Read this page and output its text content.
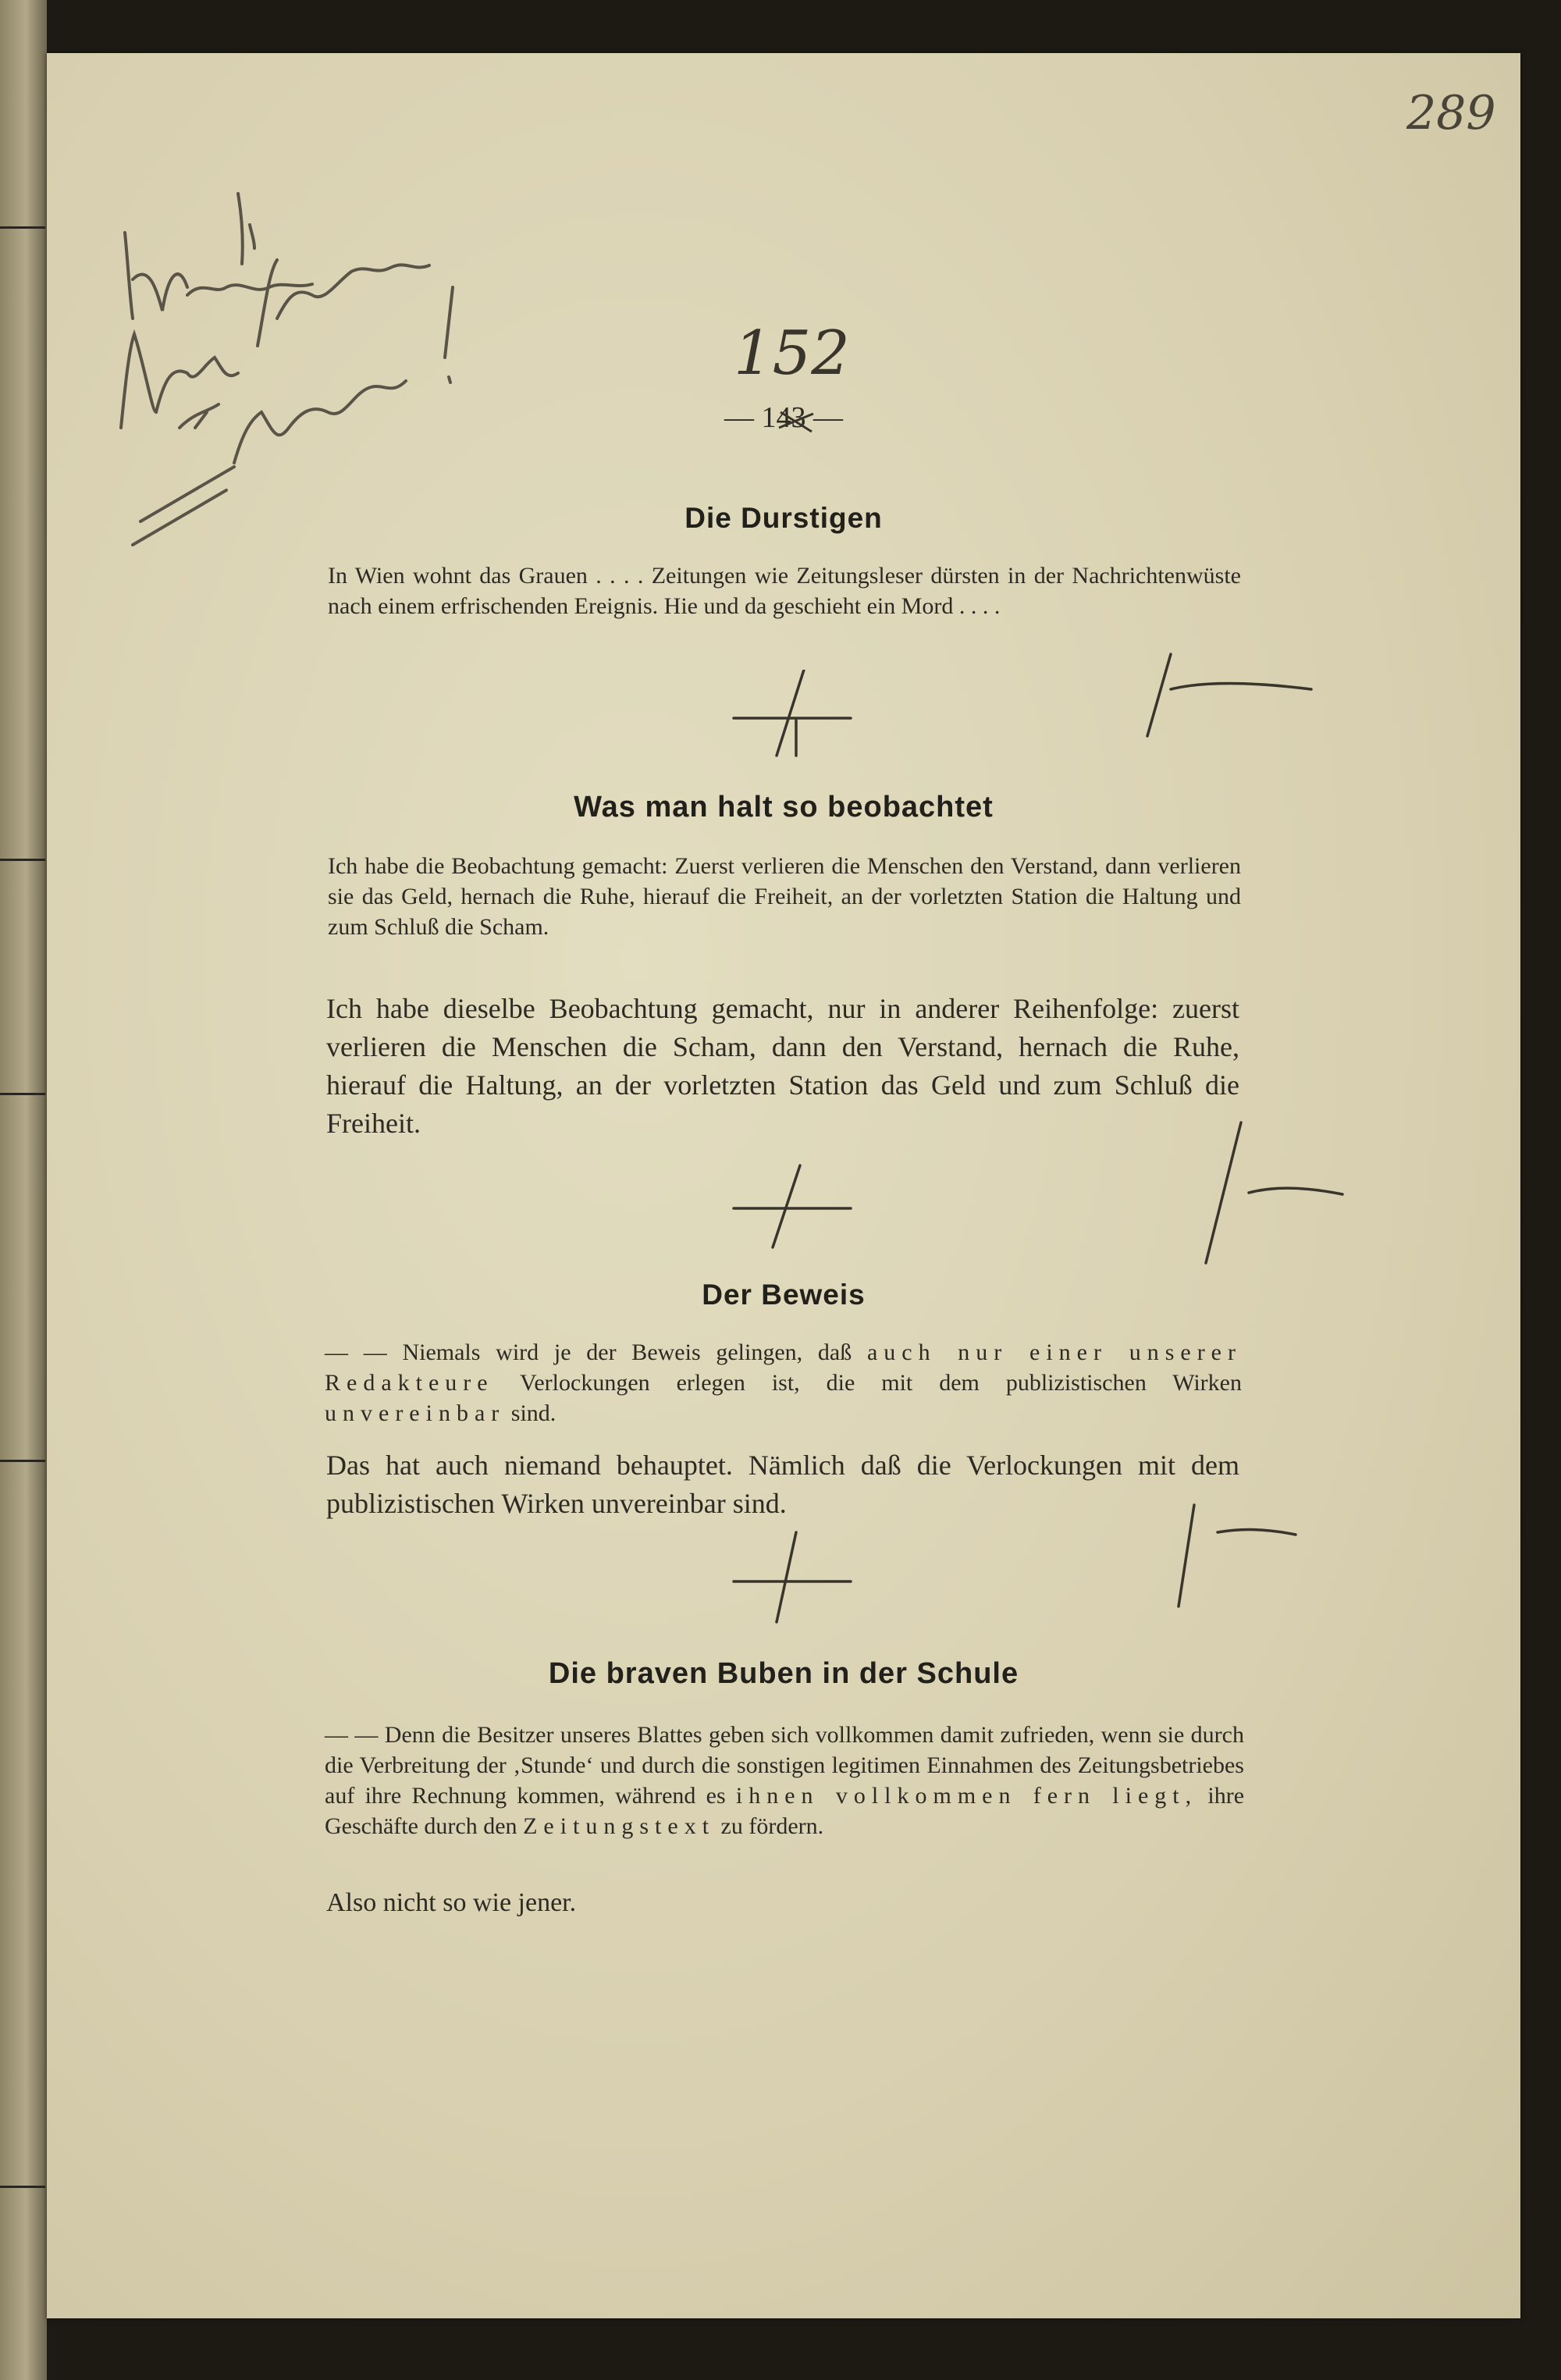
289
ich ... !
152
— 143 —
Die Durstigen
In Wien wohnt das Grauen . . . . Zeitungen wie Zeitungsleser dürsten in der Nachrichtenwüste nach einem erfrischenden Ereignis. Hie und da geschieht ein Mord . . . .
Was man halt so beobachtet
Ich habe die Beobachtung gemacht: Zuerst verlieren die Menschen den Verstand, dann verlieren sie das Geld, hernach die Ruhe, hierauf die Freiheit, an der vorletzten Station die Haltung und zum Schluß die Scham.
Ich habe dieselbe Beobachtung gemacht, nur in anderer Reihenfolge: zuerst verlieren die Menschen die Scham, dann den Verstand, hernach die Ruhe, hierauf die Haltung, an der vorletzten Station das Geld und zum Schluß die Freiheit.
Der Beweis
— — Niemals wird je der Beweis gelingen, daß auch nur einer unserer Redakteure Verlockungen erlegen ist, die mit dem publizistischen Wirken unvereinbar sind.
Das hat auch niemand behauptet. Nämlich daß die Verlockungen mit dem publizistischen Wirken unvereinbar sind.
Die braven Buben in der Schule
— — Denn die Besitzer unseres Blattes geben sich vollkommen damit zufrieden, wenn sie durch die Verbreitung der ‚Stunde‘ und durch die sonstigen legitimen Einnahmen des Zeitungsbetriebes auf ihre Rechnung kommen, während es ihnen vollkommen fern liegt, ihre Geschäfte durch den Zeitungstext zu fördern.
Also nicht so wie jener.
